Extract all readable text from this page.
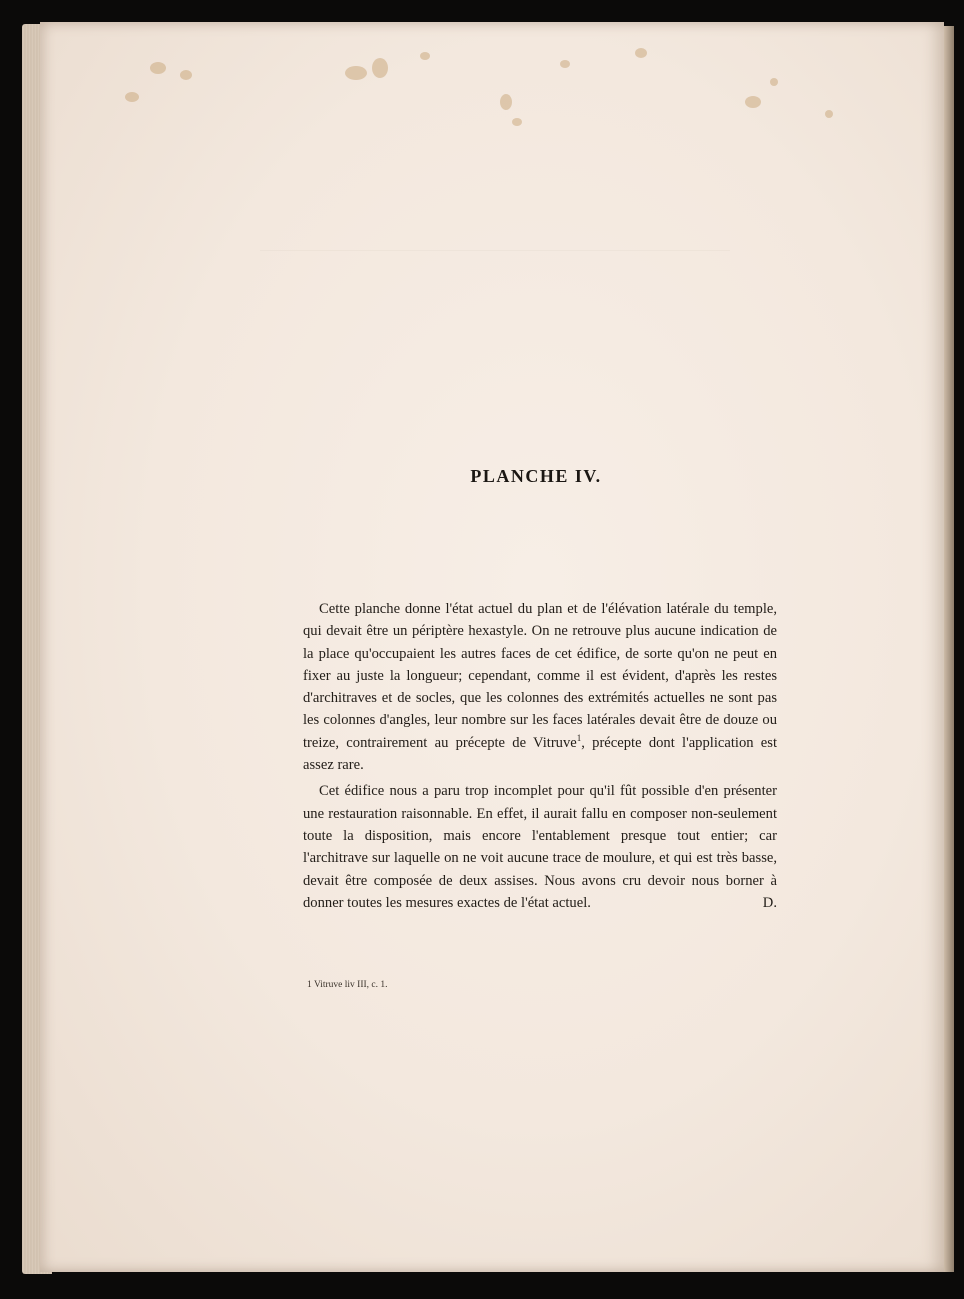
PLANCHE IV.

Cette planche donne l'état actuel du plan et de l'élévation latérale du temple, qui devait être un périptère hexastyle. On ne retrouve plus aucune indication de la place qu'occupaient les autres faces de cet édifice, de sorte qu'on ne peut en fixer au juste la longueur; cependant, comme il est évident, d'après les restes d'architraves et de socles, que les colonnes des extrémités actuelles ne sont pas les colonnes d'angles, leur nombre sur les faces latérales devait être de douze ou treize, contrairement au précepte de Vitruve$^1$, précepte dont l'application est assez rare.

Cet édifice nous a paru trop incomplet pour qu'il fût possible d'en présenter une restauration raisonnable. En effet, il aurait fallu en composer non-seulement toute la disposition, mais encore l'entablement presque tout entier; car l'architrave sur laquelle on ne voit aucune trace de moulure, et qui est très basse, devait être composée de deux assises. Nous avons cru devoir nous borner à donner toutes les mesures exactes de l'état actuel.	D.

1 Vitruve liv III, c. 1.
